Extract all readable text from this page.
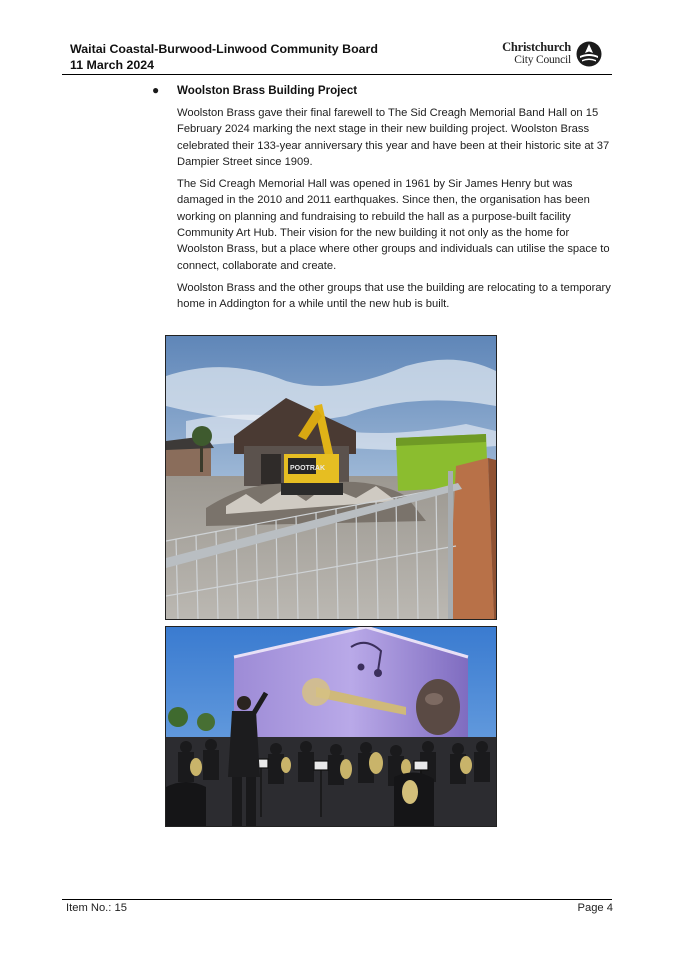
Waitai Coastal-Burwood-Linwood Community Board
11 March 2024
Christchurch
City Council
● Woolston Brass Building Project

Woolston Brass gave their final farewell to The Sid Creagh Memorial Band Hall on 15 February 2024 marking the next stage in their new building project. Woolston Brass celebrated their 133-year anniversary this year and have been at their historic site at 37 Dampier Street since 1909.

The Sid Creagh Memorial Hall was opened in 1961 by Sir James Henry but was damaged in the 2010 and 2011 earthquakes. Since then, the organisation has been working on planning and fundraising to rebuild the hall as a purpose-built facility Community Art Hub. Their vision for the new building it not only as the home for Woolston Brass, but a place where other groups and individuals can utilise the space to connect, collaborate and create.

Woolston Brass and the other groups that use the building are relocating to a temporary home in Addington for a while until the new hub is built.

POOTRAK
Item No.: 15	Page 4
